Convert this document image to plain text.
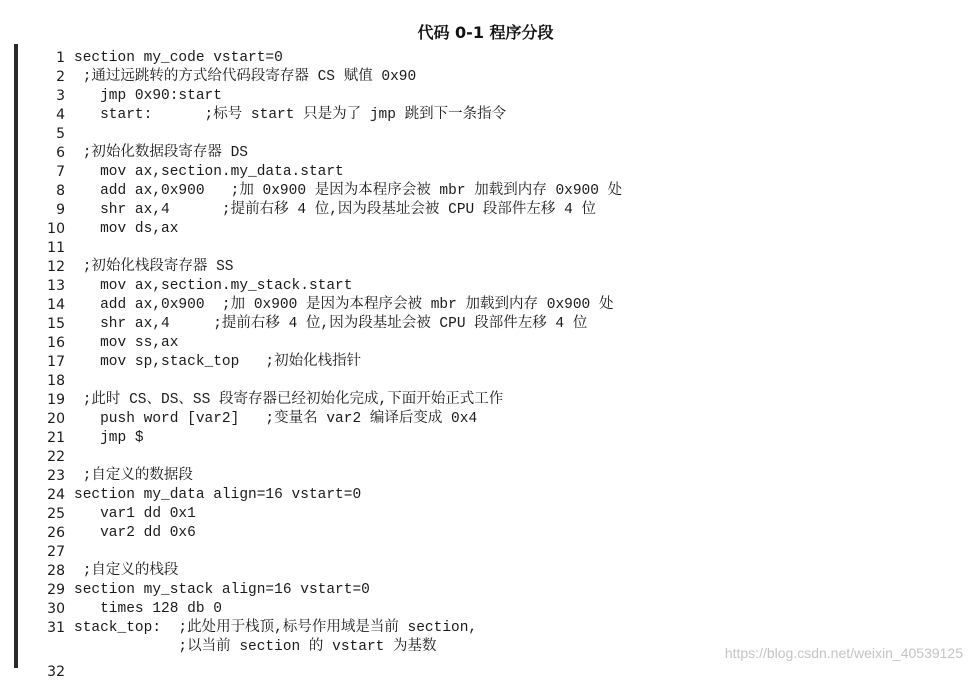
代码 0-1 程序分段
1 section my_code vstart=0
2 ;通过远跳转的方式给代码段寄存器 CS 赋值 0x90
3 jmp 0x90:start
4 start:      ;标号 start 只是为了 jmp 跳到下一条指令
5
6 ;初始化数据段寄存器 DS
7 mov ax,section.my_data.start
8 add ax,0x900   ;加 0x900 是因为本程序会被 mbr 加载到内存 0x900 处
9 shr ax,4      ;提前右移 4 位,因为段基址会被 CPU 段部件左移 4 位
10 mov ds,ax
11
12 ;初始化栈段寄存器 SS
13 mov ax,section.my_stack.start
14 add ax,0x900  ;加 0x900 是因为本程序会被 mbr 加载到内存 0x900 处
15 shr ax,4     ;提前右移 4 位,因为段基址会被 CPU 段部件左移 4 位
16 mov ss,ax
17 mov sp,stack_top   ;初始化栈指针
18
19 ;此时 CS、DS、SS 段寄存器已经初始化完成,下面开始正式工作
20 push word [var2]   ;变量名 var2 编译后变成 0x4
21 jmp $
22
23 ;自定义的数据段
24 section my_data align=16 vstart=0
25 var1 dd 0x1
26 var2 dd 0x6
27
28 ;自定义的栈段
29 section my_stack align=16 vstart=0
30 times 128 db 0
31 stack_top:  ;此处用于栈顶,标号作用域是当前 section,
;以当前 section 的 vstart 为基数
32
https://blog.csdn.net/weixin_40539125
